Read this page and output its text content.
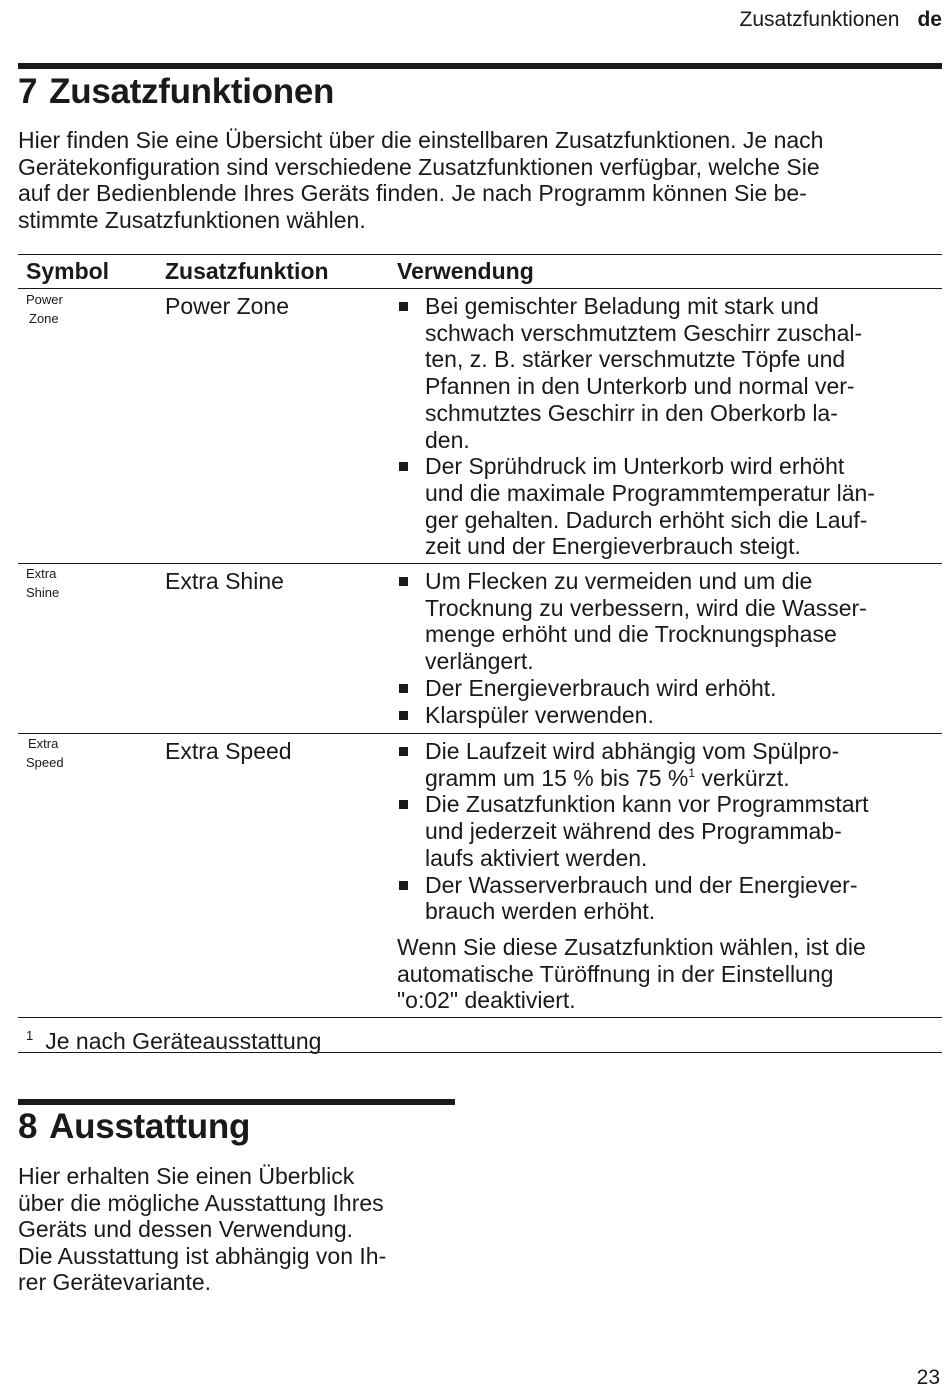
Zusatzfunktionen de
7 Zusatzfunktionen
Hier finden Sie eine Übersicht über die einstellbaren Zusatzfunktionen. Je nach
Gerätekonfiguration sind verschiedene Zusatzfunktionen verfügbar, welche Sie
auf der Bedienblende Ihres Geräts finden. Je nach Programm können Sie be-
stimmte Zusatzfunktionen wählen.
Symbol Zusatzfunktion	Verwendung
Power
Zone	Power Zone	Bei gemischter Beladung mit stark und
schwach verschmutztem Geschirr zuschal-
ten, z. B. stärker verschmutzte Töpfe und
Pfannen in den Unterkorb und normal ver-
schmutztes Geschirr in den Oberkorb la-
den.
Der Sprühdruck im Unterkorb wird erhöht
und die maximale Programmtemperatur län-
ger gehalten. Dadurch erhöht sich die Lauf-
zeit und der Energieverbrauch steigt.
Extra
Shine	Extra Shine	Um Flecken zu vermeiden und um die
Trocknung zu verbessern, wird die Wasser-
menge erhöht und die Trocknungsphase
verlängert.
Der Energieverbrauch wird erhöht.
Klarspüler verwenden.
Extra
Speed	Extra Speed	Die Laufzeit wird abhängig vom Spülpro-
gramm um 15 % bis 75 %$^1$ verkürzt.
Die Zusatzfunktion kann vor Programmstart
und jederzeit während des Programmab-
laufs aktiviert werden.
Der Wasserverbrauch und der Energiever-
brauch werden erhöht.
Wenn Sie diese Zusatzfunktion wählen, ist die
automatische Türöffnung in der Einstellung
"o:02" deaktiviert.
$^1$ Je nach Geräteausstattung
8 Ausstattung
Hier erhalten Sie einen Überblick
über die mögliche Ausstattung Ihres
Geräts und dessen Verwendung.
Die Ausstattung ist abhängig von Ih-
rer Gerätevariante.
23
